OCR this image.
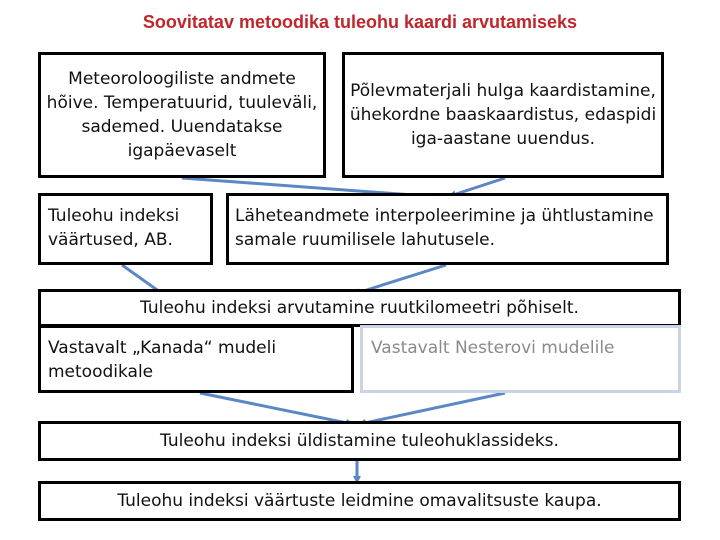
Soovitatav metoodika tuleohu kaardi arvutamiseks
Meteoroloogiliste andmete hõive. Temperatuurid, tuuleväli, sademed. Uuendatakse igapäevaselt
Põlevmaterjali hulga kaardistamine, ühekordne baaskaardistus, edaspidi iga-aastane uuendus.
Tuleohu indeksi väärtused, AB.
Läheteandmete interpoleerimine ja ühtlustamine samale ruumilisele lahutusele.
Tuleohu indeksi arvutamine ruutkilomeetri põhiselt.
Vastavalt „Kanada“ mudeli metoodikale
Vastavalt Nesterovi mudelile
Tuleohu indeksi üldistamine tuleohuklassideks.
Tuleohu indeksi väärtuste leidmine omavalitsuste kaupa.
